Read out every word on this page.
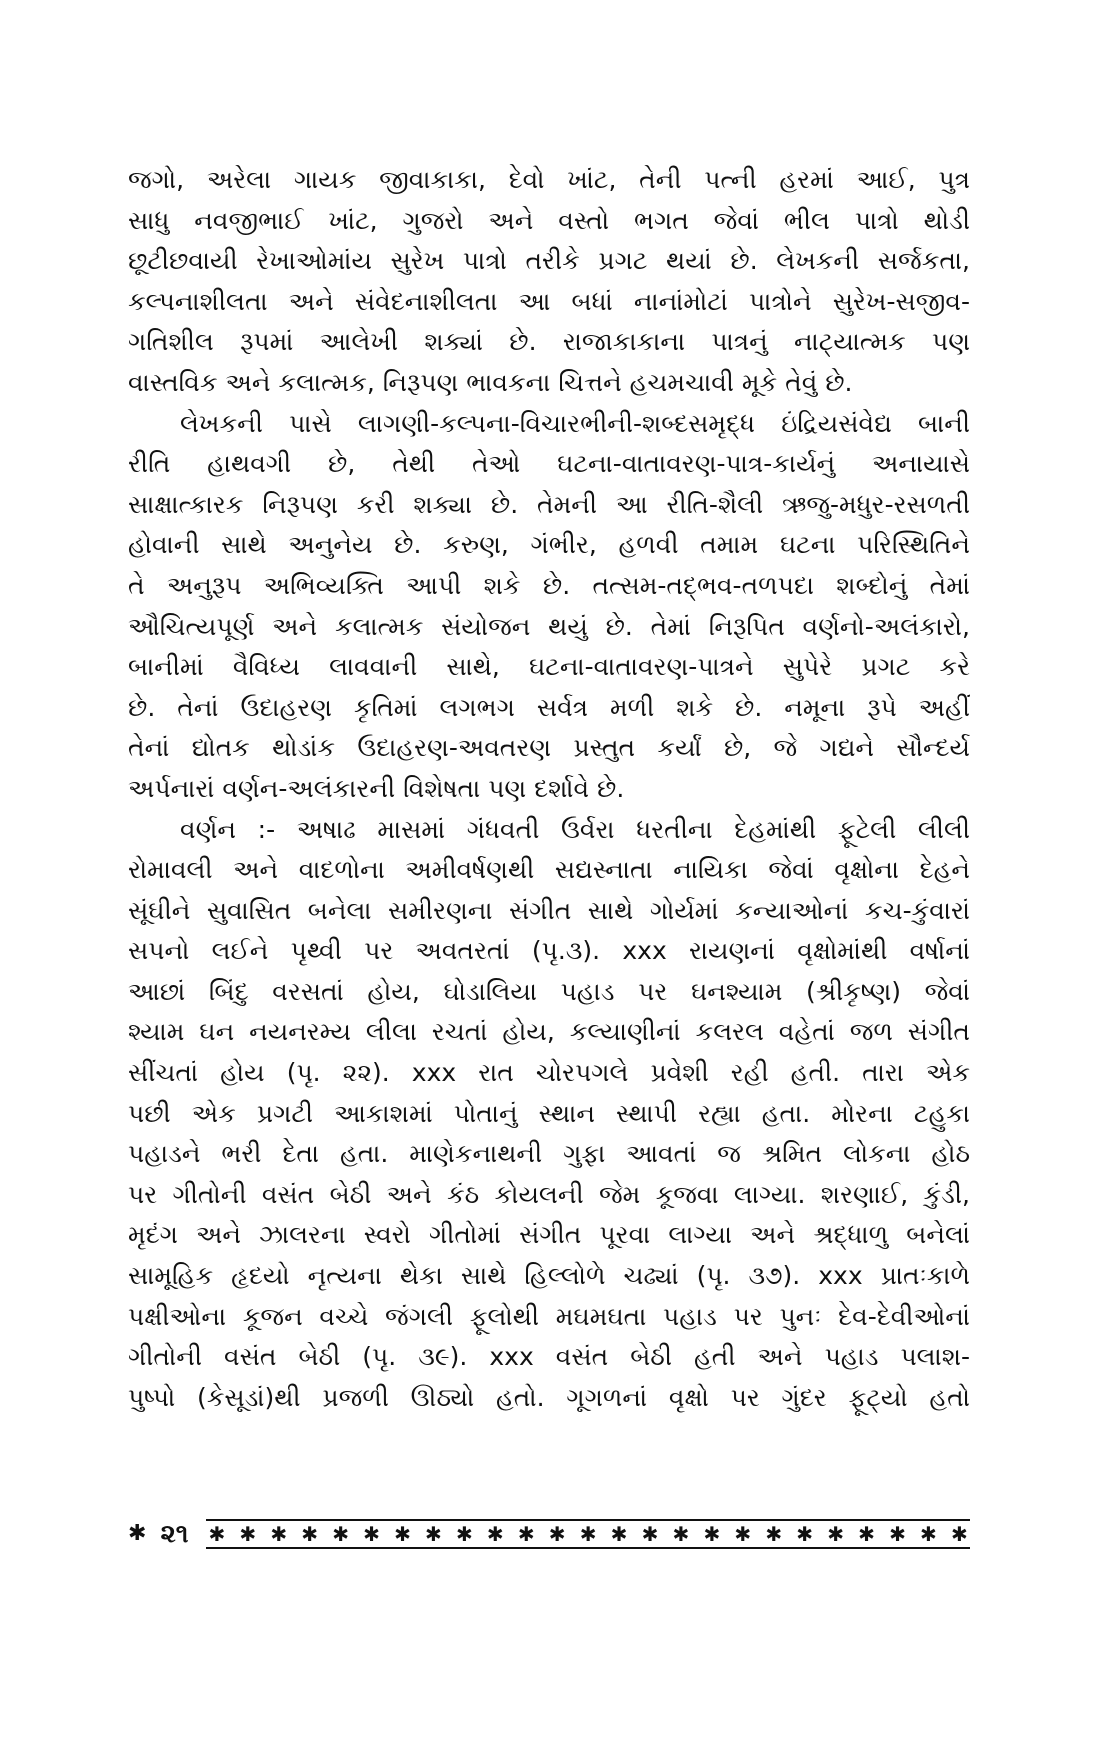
જગો, અરેલા ગાયક જીવાકાકા, દેવો ખાંટ, તેની પત્ની હરમાં આઈ, પુત્ર
સાધુ નવજીભાઈ ખાંટ, ગુજરો અને વસ્તો ભગત જેવાં ભીલ પાત્રો થોડી
છૂટીછવાયી રેખાઓમાંય સુરેખ પાત્રો તરીકે પ્રગટ થયાં છે. લેખકની સર્જકતા,
કલ્પનાશીલતા અને સંવેદનાશીલતા આ બધાં નાનાંમોટાં પાત્રોને સુરેખ-સજીવ-
ગતિશીલ રૂપમાં આલેખી શક્યાં છે. રાજાકાકાના પાત્રનું નાટ્યાત્મક પણ
વાસ્તવિક અને કલાત્મક, નિરૂપણ ભાવકના ચિત્તને હચમચાવી મૂકે તેવું છે.
લેખકની પાસે લાગણી-કલ્પના-વિચારભીની-શબ્દસમૃદ્ધ ઇંદ્રિયસંવેદ્ય બાની
રીતિ હાથવગી છે, તેથી તેઓ ઘટના-વાતાવરણ-પાત્ર-કાર્યનું અનાયાસે
સાક્ષાત્કારક નિરૂપણ કરી શક્યા છે. તેમની આ રીતિ-શૈલી ઋજુ-મધુર-રસળતી
હોવાની સાથે અનુનેય છે. કરુણ, ગંભીર, હળવી તમામ ઘટના પરિસ્થિતિને
તે અનુરૂપ અભિવ્યક્તિ આપી શકે છે. તત્સમ-તદ્ભવ-તળપદા શબ્દોનું તેમાં
ઔચિત્યપૂર્ણ અને કલાત્મક સંયોજન થયું છે. તેમાં નિરૂપિત વર્ણનો-અલંકારો,
બાનીમાં વૈવિધ્ય લાવવાની સાથે, ઘટના-વાતાવરણ-પાત્રને સુપેરે પ્રગટ કરે
છે. તેનાં ઉદાહરણ કૃતિમાં લગભગ સર્વત્ર મળી શકે છે. નમૂના રૂપે અહીં
તેનાં દ્યોતક થોડાંક ઉદાહરણ-અવતરણ પ્રસ્તુત કર્યાં છે, જે ગદ્યને સૌન્દર્ય
અર્પનારાં વર્ણન-અલંકારની વિશેષતા પણ દર્શાવે છે.
વર્ણન :- અષાઢ માસમાં ગંધવતી ઉર્વરા ધરતીના દેહમાંથી ફૂટેલી લીલી
રોમાવલી અને વાદળોના અમીવર્ષણથી સદ્યસ્નાતા નાયિકા જેવાં વૃક્ષોના દેહને
સૂંઘીને સુવાસિત બનેલા સમીરણના સંગીત સાથે ગોર્યમાં કન્યાઓનાં કચ-કુંવારાં
સપનો લઈને પૃથ્વી પર અવતરતાં (પૃ.૩). xxx રાયણનાં વૃક્ષોમાંથી વર્ષાનાં
આછાં બિંદુ વરસતાં હોય, ઘોડાલિયા પહાડ પર ઘનશ્યામ (શ્રીકૃષ્ણ) જેવાં
શ્યામ ઘન નયનરમ્ય લીલા રચતાં હોય, કલ્યાણીનાં કલરલ વહેતાં જળ સંગીત
સીંચતાં હોય (પૃ. ૨૨). xxx રાત ચોરપગલે પ્રવેશી રહી હતી. તારા એક
પછી એક પ્રગટી આકાશમાં પોતાનું સ્થાન સ્થાપી રહ્યા હતા. મોરના ટહુકા
પહાડને ભરી દેતા હતા. માણેકનાથની ગુફા આવતાં જ શ્રમિત લોકના હોઠ
પર ગીતોની વસંત બેઠી અને કંઠ કોયલની જેમ કૂજવા લાગ્યા. શરણાઈ, કુંડી,
મૃદંગ અને ઝાલરના સ્વરો ગીતોમાં સંગીત પૂરવા લાગ્યા અને શ્રદ્ધાળુ બનેલાં
સામૂહિક હૃદયો નૃત્યના થેકા સાથે હિલ્લોળે ચઢ્યાં (પૃ. ૩૭). xxx પ્રાતઃકાળે
પક્ષીઓના કૂજન વચ્ચે જંગલી ફૂલોથી મઘમઘતા પહાડ પર પુનઃ દેવ-દેવીઓનાં
ગીતોની વસંત બેઠી (પૃ. ૩૯). xxx વસંત બેઠી હતી અને પહાડ પલાશ-
પુષ્પો (કેસૂડાં)થી પ્રજળી ઊઠ્યો હતો. ગૂગળનાં વૃક્ષો પર ગુંદર ફૂટ્યો હતો
✱ ૨૧ ✱ ✱ ✱ ✱ ✱ ✱ ✱ ✱ ✱ ✱ ✱ ✱ ✱ ✱ ✱ ✱ ✱ ✱ ✱ ✱ ✱ ✱ ✱ ✱ ✱
